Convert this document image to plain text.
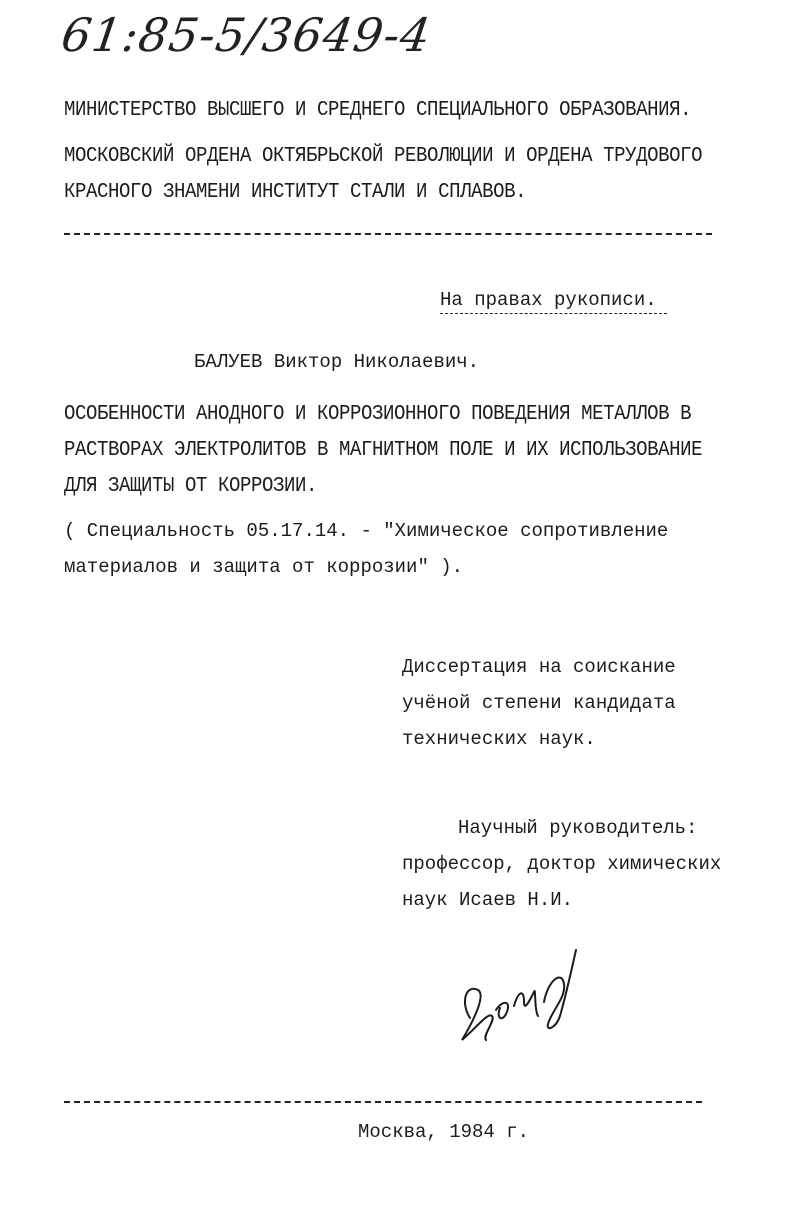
61:85-5/3649-4
МИНИСТЕРСТВО ВЫСШЕГО И СРЕДНЕГО СПЕЦИАЛЬНОГО ОБРАЗОВАНИЯ.
МОСКОВСКИЙ ОРДЕНА ОКТЯБРЬСКОЙ РЕВОЛЮЦИИ И ОРДЕНА ТРУДОВОГО
КРАСНОГО ЗНАМЕНИ ИНСТИТУТ СТАЛИ И СПЛАВОВ.
На правах рукописи.
БАЛУЕВ Виктор Николаевич.
ОСОБЕННОСТИ АНОДНОГО И КОРРОЗИОННОГО ПОВЕДЕНИЯ МЕТАЛЛОВ В
РАСТВОРАХ ЭЛЕКТРОЛИТОВ В МАГНИТНОМ ПОЛЕ И ИХ ИСПОЛЬЗОВАНИЕ
ДЛЯ ЗАЩИТЫ ОТ КОРРОЗИИ.
( Специальность 05.17.14. - "Химическое сопротивление
материалов и защита от коррозии" ).
Диссертация на соискание
учёной степени кандидата
технических наук.
Научный руководитель:
профессор, доктор химических
наук Исаев Н.И.
Москва, 1984 г.
